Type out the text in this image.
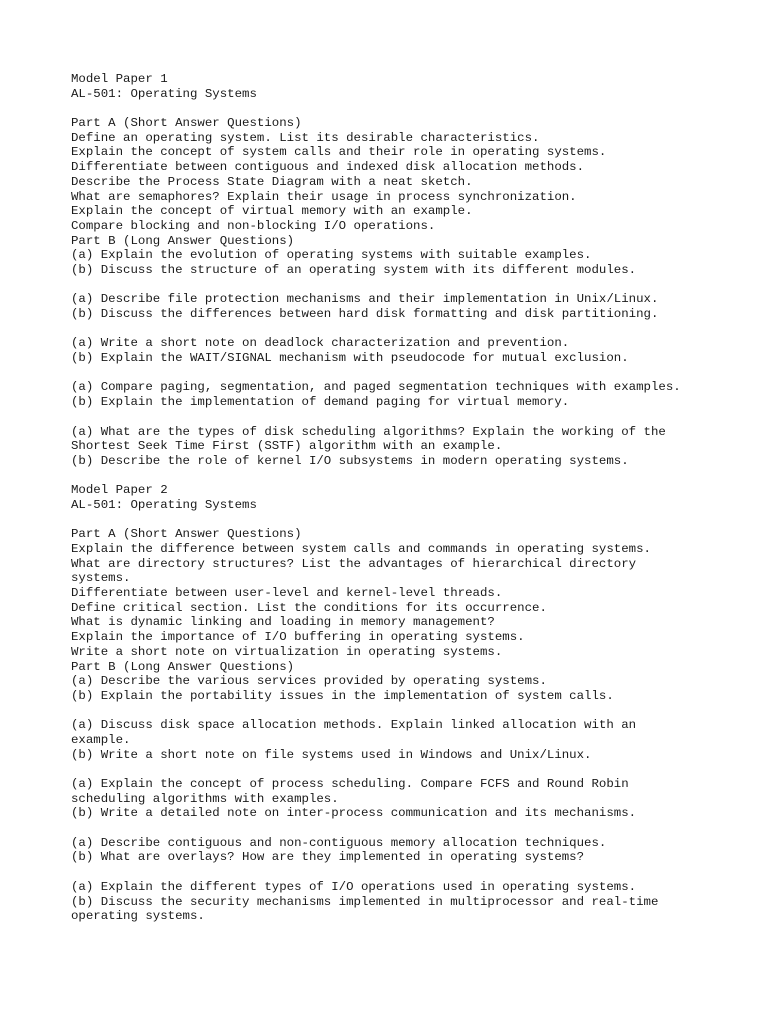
Model Paper 1
AL-501: Operating Systems
Part A (Short Answer Questions)
Define an operating system. List its desirable characteristics.
Explain the concept of system calls and their role in operating systems.
Differentiate between contiguous and indexed disk allocation methods.
Describe the Process State Diagram with a neat sketch.
What are semaphores? Explain their usage in process synchronization.
Explain the concept of virtual memory with an example.
Compare blocking and non-blocking I/O operations.
Part B (Long Answer Questions)
(a) Explain the evolution of operating systems with suitable examples.
(b) Discuss the structure of an operating system with its different modules.
(a) Describe file protection mechanisms and their implementation in Unix/Linux.
(b) Discuss the differences between hard disk formatting and disk partitioning.
(a) Write a short note on deadlock characterization and prevention.
(b) Explain the WAIT/SIGNAL mechanism with pseudocode for mutual exclusion.
(a) Compare paging, segmentation, and paged segmentation techniques with examples.
(b) Explain the implementation of demand paging for virtual memory.
(a) What are the types of disk scheduling algorithms? Explain the working of the
Shortest Seek Time First (SSTF) algorithm with an example.
(b) Describe the role of kernel I/O subsystems in modern operating systems.
Model Paper 2
AL-501: Operating Systems
Part A (Short Answer Questions)
Explain the difference between system calls and commands in operating systems.
What are directory structures? List the advantages of hierarchical directory
systems.
Differentiate between user-level and kernel-level threads.
Define critical section. List the conditions for its occurrence.
What is dynamic linking and loading in memory management?
Explain the importance of I/O buffering in operating systems.
Write a short note on virtualization in operating systems.
Part B (Long Answer Questions)
(a) Describe the various services provided by operating systems.
(b) Explain the portability issues in the implementation of system calls.
(a) Discuss disk space allocation methods. Explain linked allocation with an
example.
(b) Write a short note on file systems used in Windows and Unix/Linux.
(a) Explain the concept of process scheduling. Compare FCFS and Round Robin
scheduling algorithms with examples.
(b) Write a detailed note on inter-process communication and its mechanisms.
(a) Describe contiguous and non-contiguous memory allocation techniques.
(b) What are overlays? How are they implemented in operating systems?
(a) Explain the different types of I/O operations used in operating systems.
(b) Discuss the security mechanisms implemented in multiprocessor and real-time
operating systems.
